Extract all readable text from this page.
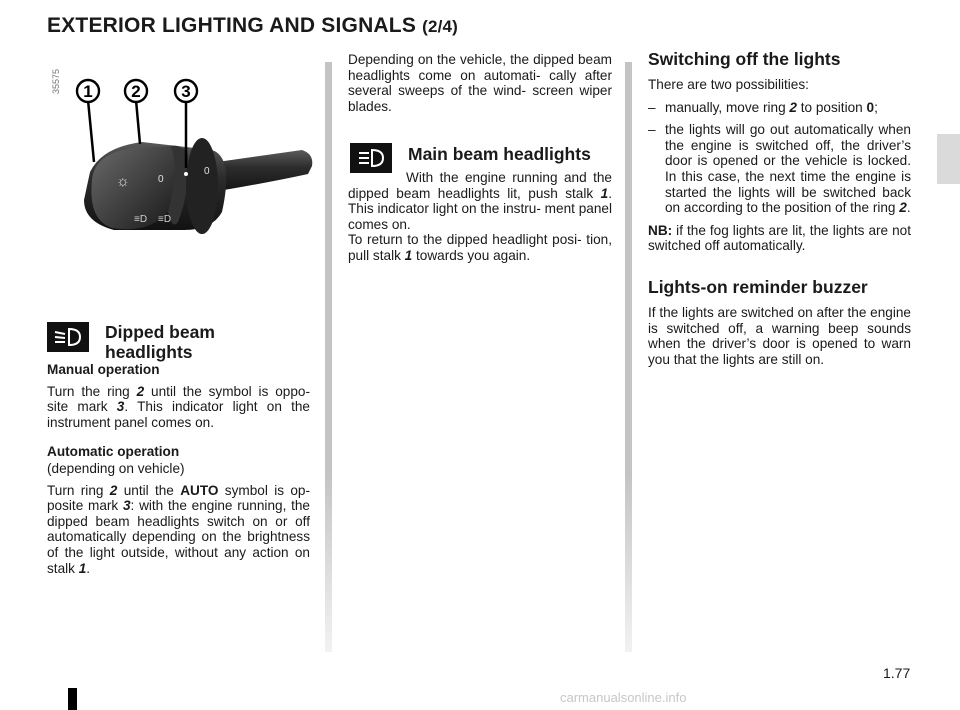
EXTERIOR LIGHTING AND SIGNALS (2/4)
35575
☼	0
0
≡D ≡D
1 2 3
Dipped beam headlights

Manual operation

Turn the ring 2 until the symbol is oppo- site mark 3. This indicator light on the instrument panel comes on.

Automatic operation

(depending on vehicle)

Turn ring 2 until the AUTO symbol is op- posite mark 3: with the engine running, the dipped beam headlights switch on or off automatically depending on the brightness of the light outside, without any action on stalk 1.

Depending on the vehicle, the dipped beam headlights come on automati- cally after several sweeps of the wind- screen wiper blades.

Main beam headlights

With the engine running and the dipped beam headlights lit, push stalk 1. This indicator light on the instru- ment panel comes on.

To return to the dipped headlight posi- tion, pull stalk 1 towards you again.

Switching off the lights

There are two possibilities:

– manually, move ring 2 to position 0;
– the lights will go out automatically when the engine is switched off, the driver’s door is opened or the vehicle is locked. In this case, the next time the engine is started the lights will be switched back on according to the position of the ring 2.

NB: if the fog lights are lit, the lights are not switched off automatically.

Lights-on reminder buzzer

If the lights are switched on after the engine is switched off, a warning beep sounds when the driver’s door is opened to warn you that the lights are still on.

1.77
carmanualsonline.info
